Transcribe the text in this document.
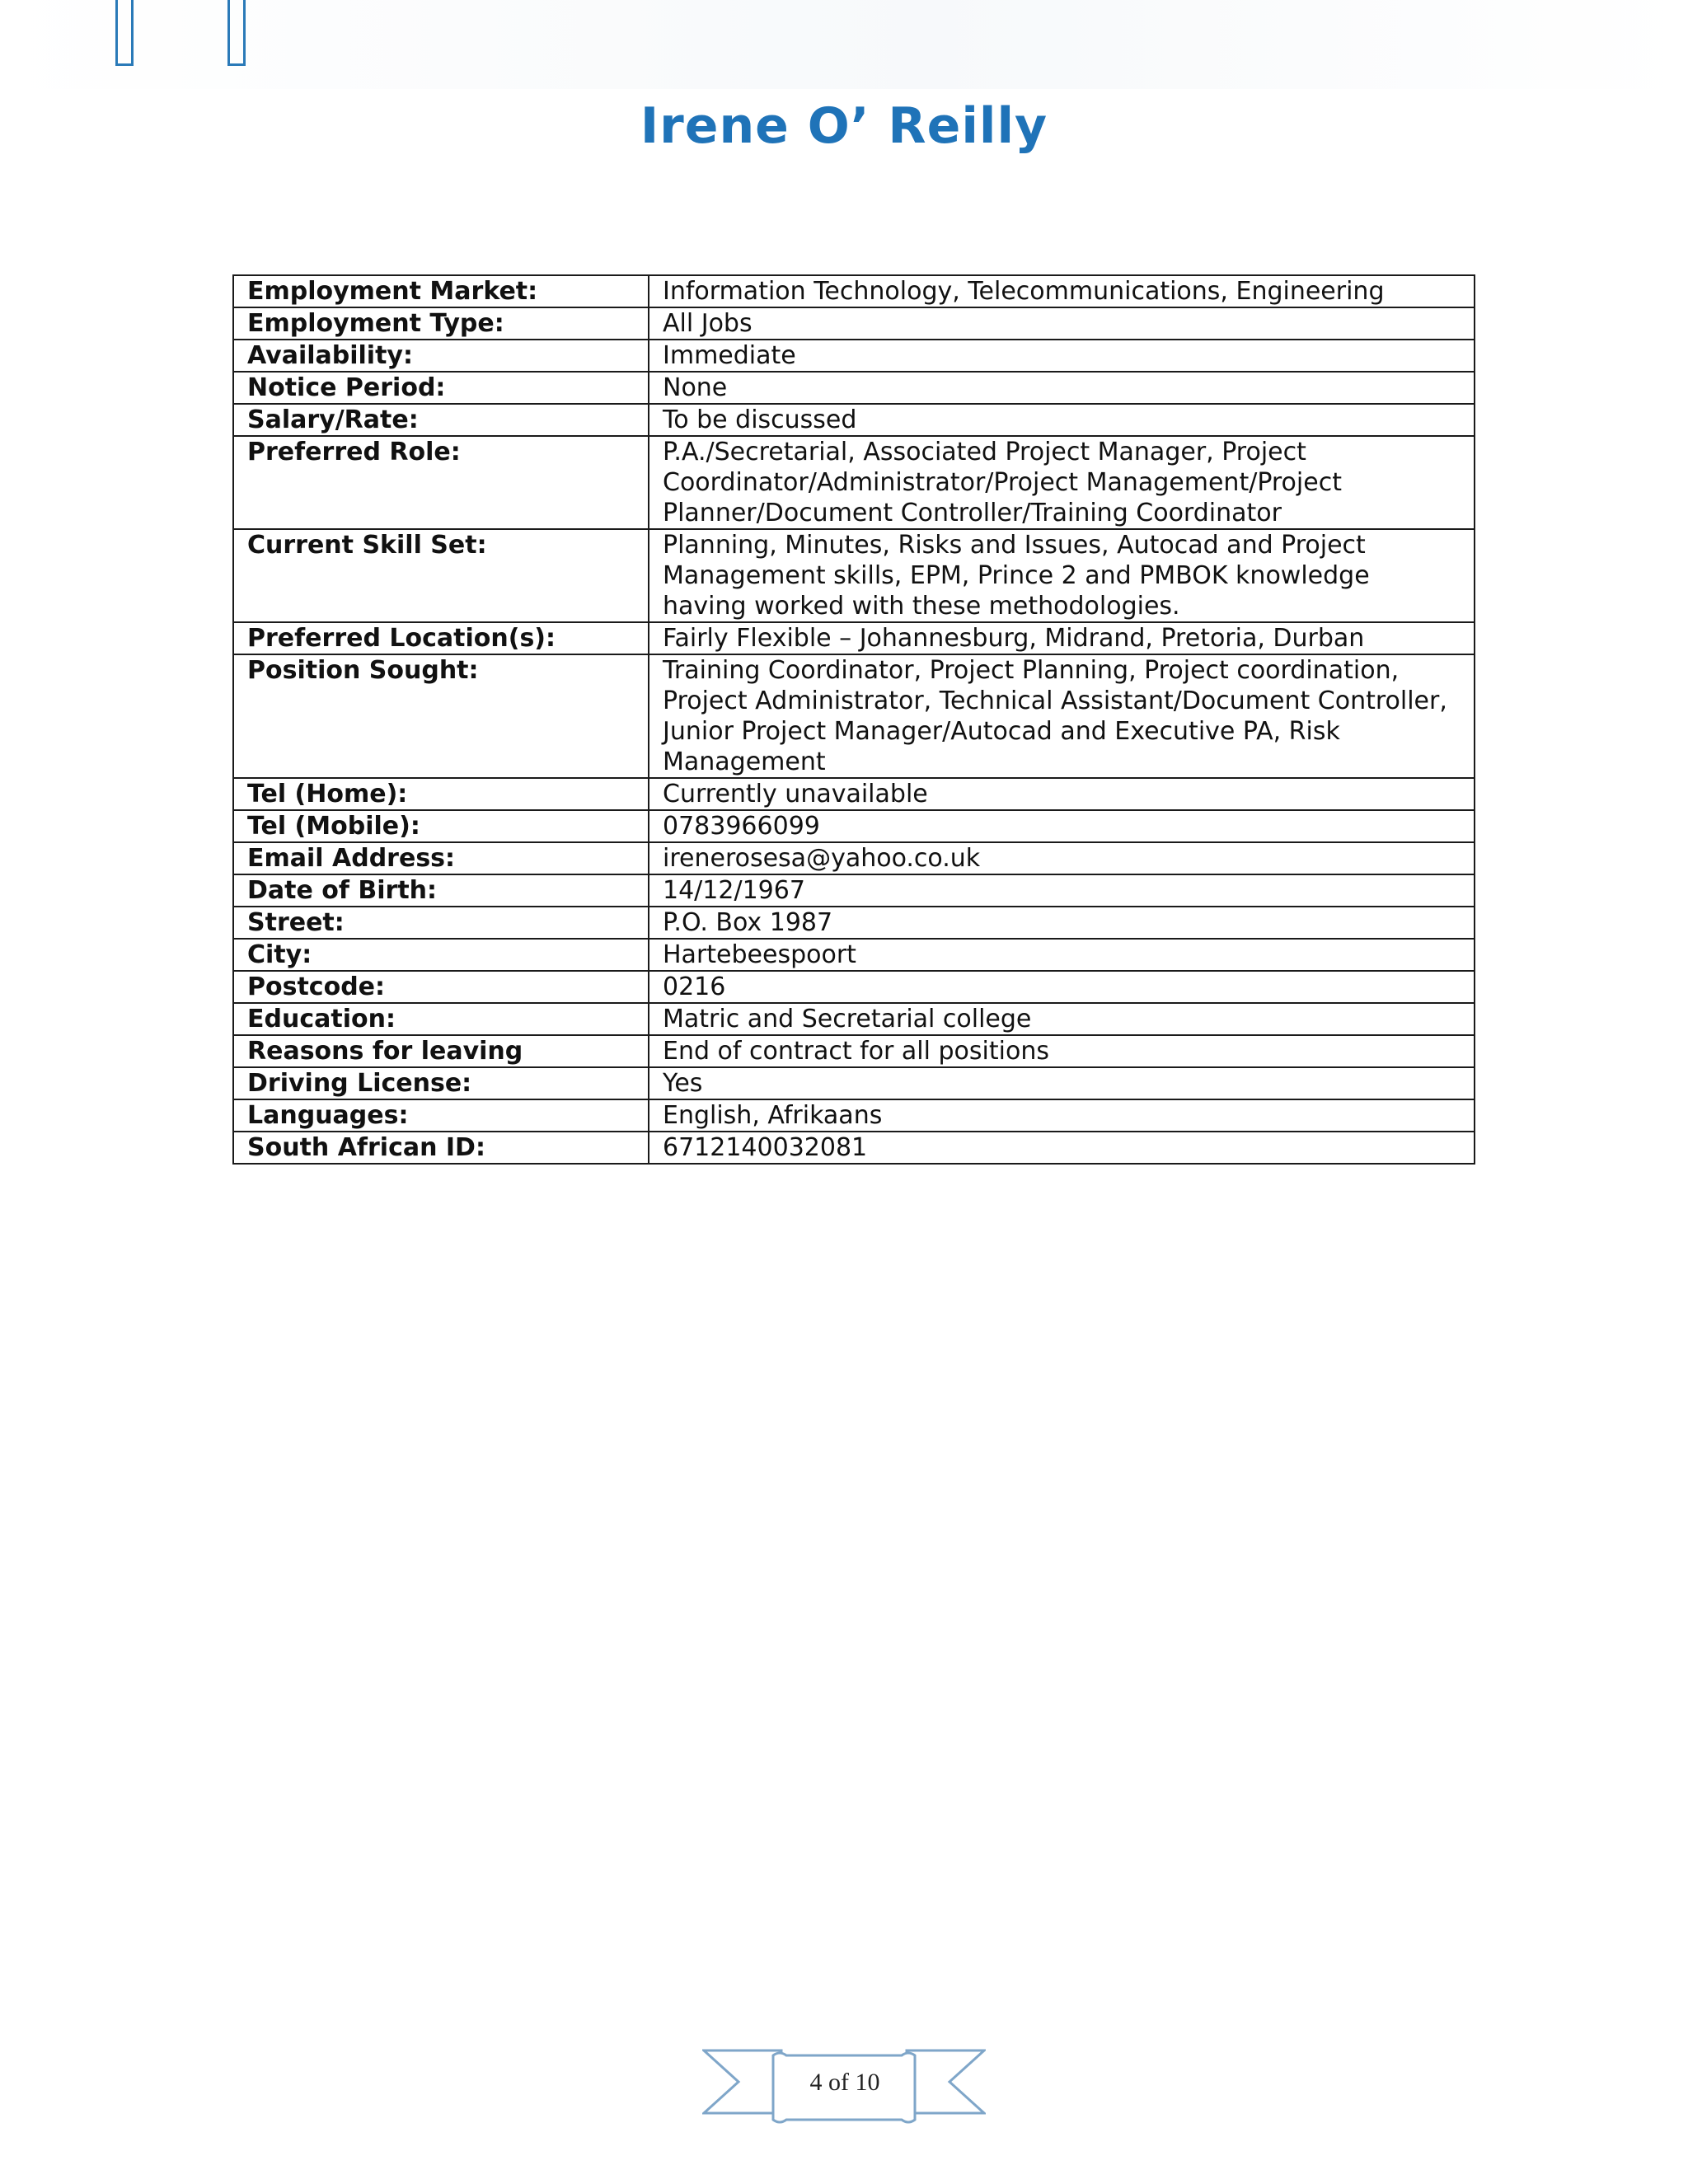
Irene O’ Reilly
Employment Market:	Information Technology, Telecommunications, Engineering
Employment Type:	All Jobs
Availability:	Immediate
Notice Period:	None
Salary/Rate:	To be discussed
Preferred Role:	P.A./Secretarial, Associated Project Manager, Project Coordinator/Administrator/Project Management/Project Planner/Document Controller/Training Coordinator
Current Skill Set:	Planning, Minutes, Risks and Issues, Autocad and Project Management skills, EPM, Prince 2 and PMBOK knowledge having worked with these methodologies.
Preferred Location(s):	Fairly Flexible – Johannesburg, Midrand, Pretoria, Durban
Position Sought:	Training Coordinator, Project Planning, Project coordination, Project Administrator, Technical Assistant/Document Controller, Junior Project Manager/Autocad and Executive PA, Risk Management
Tel (Home):	Currently unavailable
Tel (Mobile):	0783966099
Email Address:	irenerosesa@yahoo.co.uk
Date of Birth:	14/12/1967
Street:	P.O. Box 1987
City:	Hartebeespoort
Postcode:	0216
Education:	Matric and Secretarial college
Reasons for leaving	End of contract for all positions
Driving License:	Yes
Languages:	English, Afrikaans
South African ID:	6712140032081
4 of 10
